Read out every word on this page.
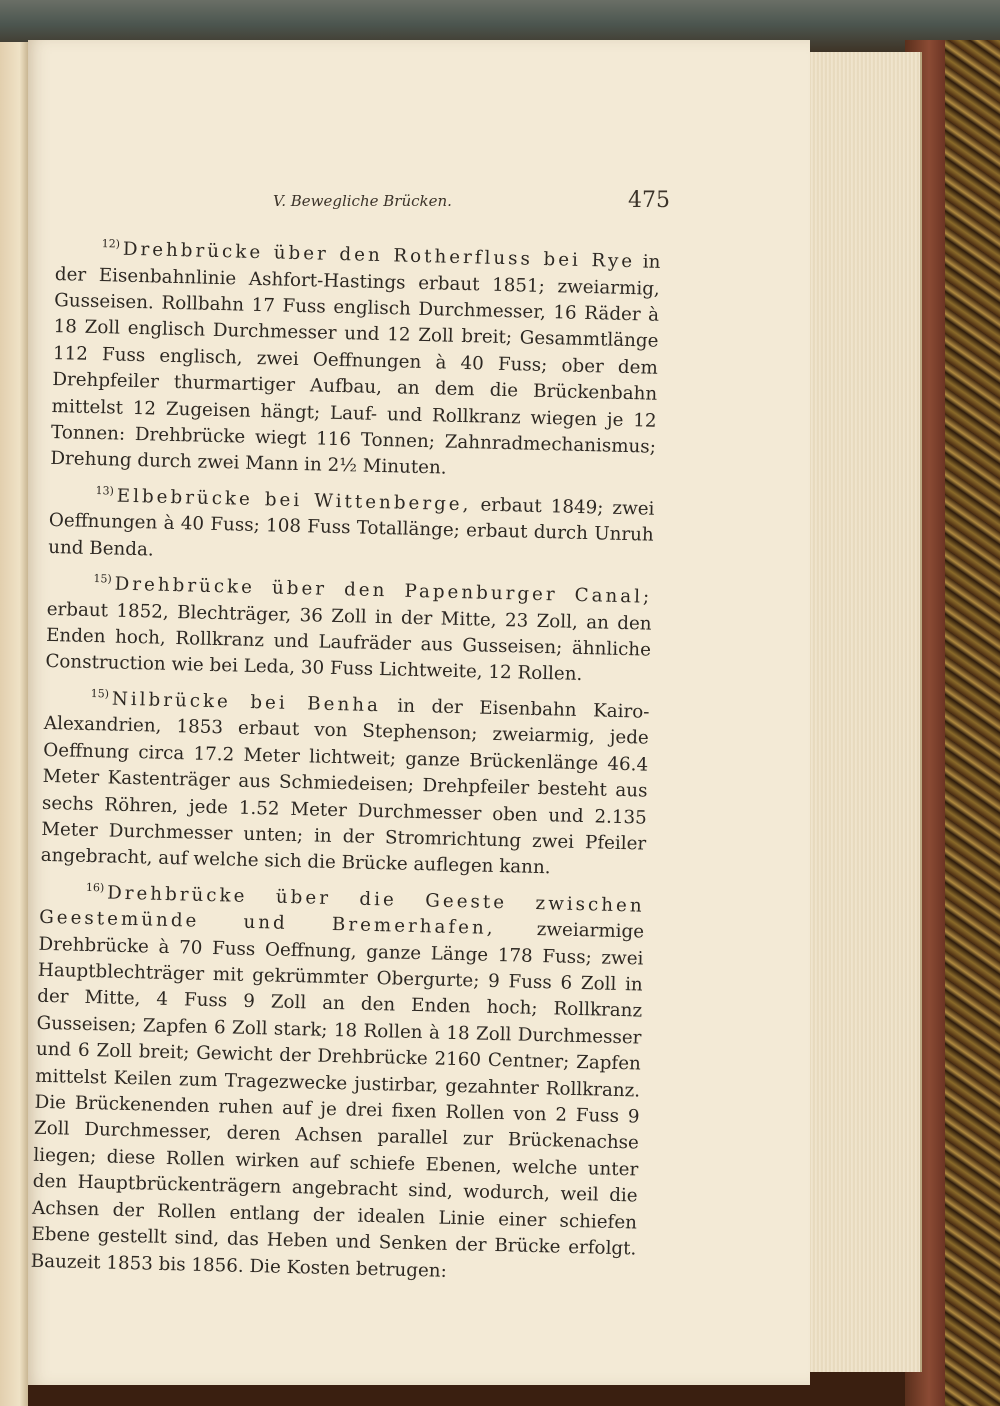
V. Bewegliche Brücken.	475

$^{12)}$ Drehbrücke über den Rotherfluss bei Rye in der Eisenbahnlinie Ashfort-Hastings erbaut 1851; zweiarmig, Gusseisen. Rollbahn 17 Fuss englisch Durchmesser, 16 Räder à 18 Zoll englisch Durchmesser und 12 Zoll breit; Gesammtlänge 112 Fuss englisch, zwei Oeffnungen à 40 Fuss; ober dem Drehpfeiler thurmartiger Aufbau, an dem die Brückenbahn mittelst 12 Zugeisen hängt; Lauf- und Rollkranz wiegen je 12 Tonnen: Drehbrücke wiegt 116 Tonnen; Zahnradmechanismus; Drehung durch zwei Mann in 2½ Minuten.

$^{13)}$ Elbebrücke bei Wittenberge, erbaut 1849; zwei Oeffnungen à 40 Fuss; 108 Fuss Totallänge; erbaut durch Unruh und Benda.

$^{15)}$ Drehbrücke über den Papenburger Canal; erbaut 1852, Blechträger, 36 Zoll in der Mitte, 23 Zoll, an den Enden hoch, Rollkranz und Laufräder aus Gusseisen; ähnliche Construction wie bei Leda, 30 Fuss Lichtweite, 12 Rollen.

$^{15)}$ Nilbrücke bei Benha in der Eisenbahn Kairo-Alexandrien, 1853 erbaut von Stephenson; zweiarmig, jede Oeffnung circa 17.2 Meter lichtweit; ganze Brückenlänge 46.4 Meter Kastenträger aus Schmiedeisen; Drehpfeiler besteht aus sechs Röhren, jede 1.52 Meter Durchmesser oben und 2.135 Meter Durchmesser unten; in der Stromrichtung zwei Pfeiler angebracht, auf welche sich die Brücke auflegen kann.

$^{16)}$ Drehbrücke über die Geeste zwischen Geestemünde und Bremerhafen, zweiarmige Drehbrücke à 70 Fuss Oeffnung, ganze Länge 178 Fuss; zwei Hauptblechträger mit gekrümmter Obergurte; 9 Fuss 6 Zoll in der Mitte, 4 Fuss 9 Zoll an den Enden hoch; Rollkranz Gusseisen; Zapfen 6 Zoll stark; 18 Rollen à 18 Zoll Durchmesser und 6 Zoll breit; Gewicht der Drehbrücke 2160 Centner; Zapfen mittelst Keilen zum Tragezwecke justirbar, gezahnter Rollkranz. Die Brückenenden ruhen auf je drei fixen Rollen von 2 Fuss 9 Zoll Durchmesser, deren Achsen parallel zur Brückenachse liegen; diese Rollen wirken auf schiefe Ebenen, welche unter den Hauptbrückenträgern angebracht sind, wodurch, weil die Achsen der Rollen entlang der idealen Linie einer schiefen Ebene gestellt sind, das Heben und Senken der Brücke erfolgt. Bauzeit 1853 bis 1856. Die Kosten betrugen:
